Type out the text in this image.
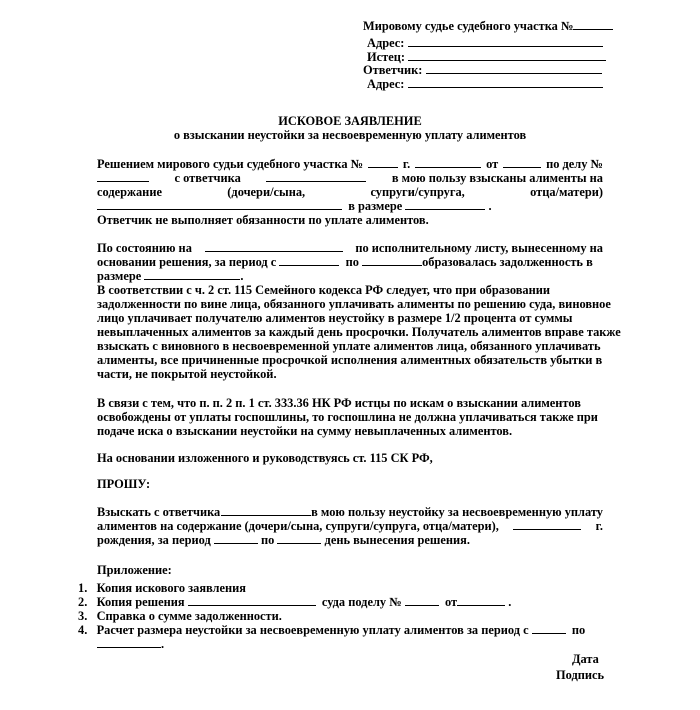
Мировому судье судебного участка №
Адрес:
Истец:
Ответчик:
Адрес:
ИСКОВОЕ ЗАЯВЛЕНИЕ
о взыскании неустойки за несвоевременную уплату алиментов
Решением мирового судьи судебного участка №	г.	от	по делу №
с ответчика	в мою пользу взысканы алименты на
содержание	(дочери/сына,	супруги/супруга,	отца/матери)
в размере	.
Ответчик не выполняет обязанности по уплате алиментов.
По состоянию на	по исполнительному листу, вынесенному на
основании решения, за период с	по	образовалась задолженность в
размере	.
В соответствии с ч. 2 ст. 115 Семейного кодекса РФ следует, что при образовании
задолженности по вине лица, обязанного уплачивать алименты по решению суда, виновное
лицо уплачивает получателю алиментов неустойку в размере 1/2 процента от суммы
невыплаченных алиментов за каждый день просрочки. Получатель алиментов вправе также
взыскать с виновного в несвоевременной уплате алиментов лица, обязанного уплачивать
алименты, все причиненные просрочкой исполнения алиментных обязательств убытки в
части, не покрытой неустойкой.
В связи с тем, что п. п. 2 п. 1 ст. 333.36 НК РФ истцы по искам о взыскании алиментов
освобождены от уплаты госпошлины, то госпошлина не должна уплачиваться также при
подаче иска о взыскании неустойки на сумму невыплаченных алиментов.
На основании изложенного и руководствуясь ст. 115 СК РФ,
ПРОШУ:
Взыскать с ответчика	в мою пользу неустойку за несвоевременную уплату
алиментов на содержание (дочери/сына, супруги/супруга, отца/матери),	г.
рождения, за период	по	день вынесения решения.
Приложение:
1. Копия искового заявления
2. Копия решения	суда поделу №	от	.
3. Справка о сумме задолженности.
4. Расчет размера неустойки за несвоевременную уплату алиментов за период с	по
.
Дата
Подпись
